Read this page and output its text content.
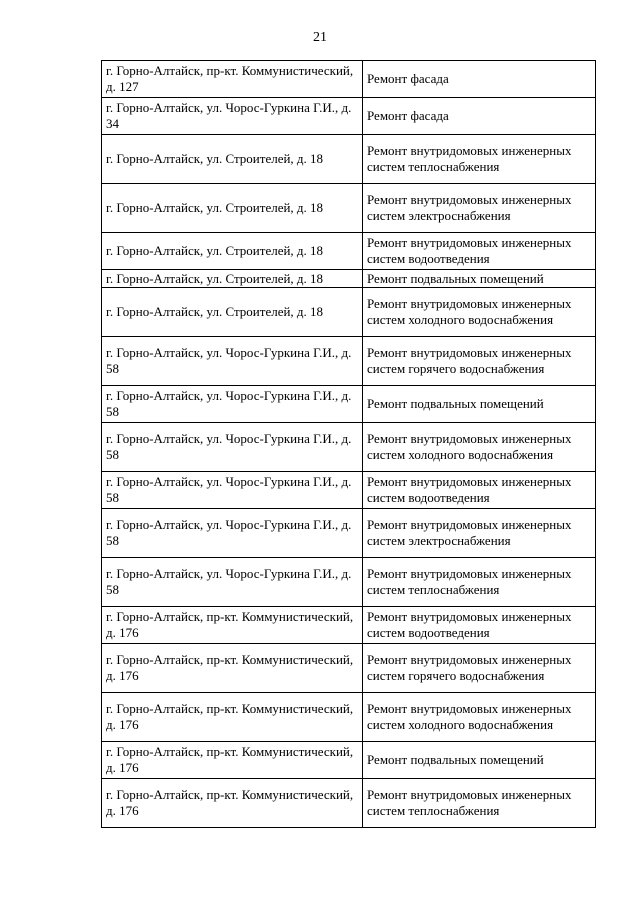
21
г. Горно-Алтайск, пр-кт. Коммунистический, д. 127	Ремонт фасада
г. Горно-Алтайск, ул. Чорос-Гуркина Г.И., д. 34	Ремонт фасада
г. Горно-Алтайск, ул. Строителей, д. 18	Ремонт внутридомовых инженерных систем теплоснабжения
г. Горно-Алтайск, ул. Строителей, д. 18	Ремонт внутридомовых инженерных систем электроснабжения
г. Горно-Алтайск, ул. Строителей, д. 18	Ремонт внутридомовых инженерных систем водоотведения
г. Горно-Алтайск, ул. Строителей, д. 18	Ремонт подвальных помещений
г. Горно-Алтайск, ул. Строителей, д. 18	Ремонт внутридомовых инженерных систем холодного водоснабжения
г. Горно-Алтайск, ул. Чорос-Гуркина Г.И., д. 58	Ремонт внутридомовых инженерных систем горячего водоснабжения
г. Горно-Алтайск, ул. Чорос-Гуркина Г.И., д. 58	Ремонт подвальных помещений
г. Горно-Алтайск, ул. Чорос-Гуркина Г.И., д. 58	Ремонт внутридомовых инженерных систем холодного водоснабжения
г. Горно-Алтайск, ул. Чорос-Гуркина Г.И., д. 58	Ремонт внутридомовых инженерных систем водоотведения
г. Горно-Алтайск, ул. Чорос-Гуркина Г.И., д. 58	Ремонт внутридомовых инженерных систем электроснабжения
г. Горно-Алтайск, ул. Чорос-Гуркина Г.И., д. 58	Ремонт внутридомовых инженерных систем теплоснабжения
г. Горно-Алтайск, пр-кт. Коммунистический, д. 176	Ремонт внутридомовых инженерных систем водоотведения
г. Горно-Алтайск, пр-кт. Коммунистический, д. 176	Ремонт внутридомовых инженерных систем горячего водоснабжения
г. Горно-Алтайск, пр-кт. Коммунистический, д. 176	Ремонт внутридомовых инженерных систем холодного водоснабжения
г. Горно-Алтайск, пр-кт. Коммунистический, д. 176	Ремонт подвальных помещений
г. Горно-Алтайск, пр-кт. Коммунистический, д. 176	Ремонт внутридомовых инженерных систем теплоснабжения
